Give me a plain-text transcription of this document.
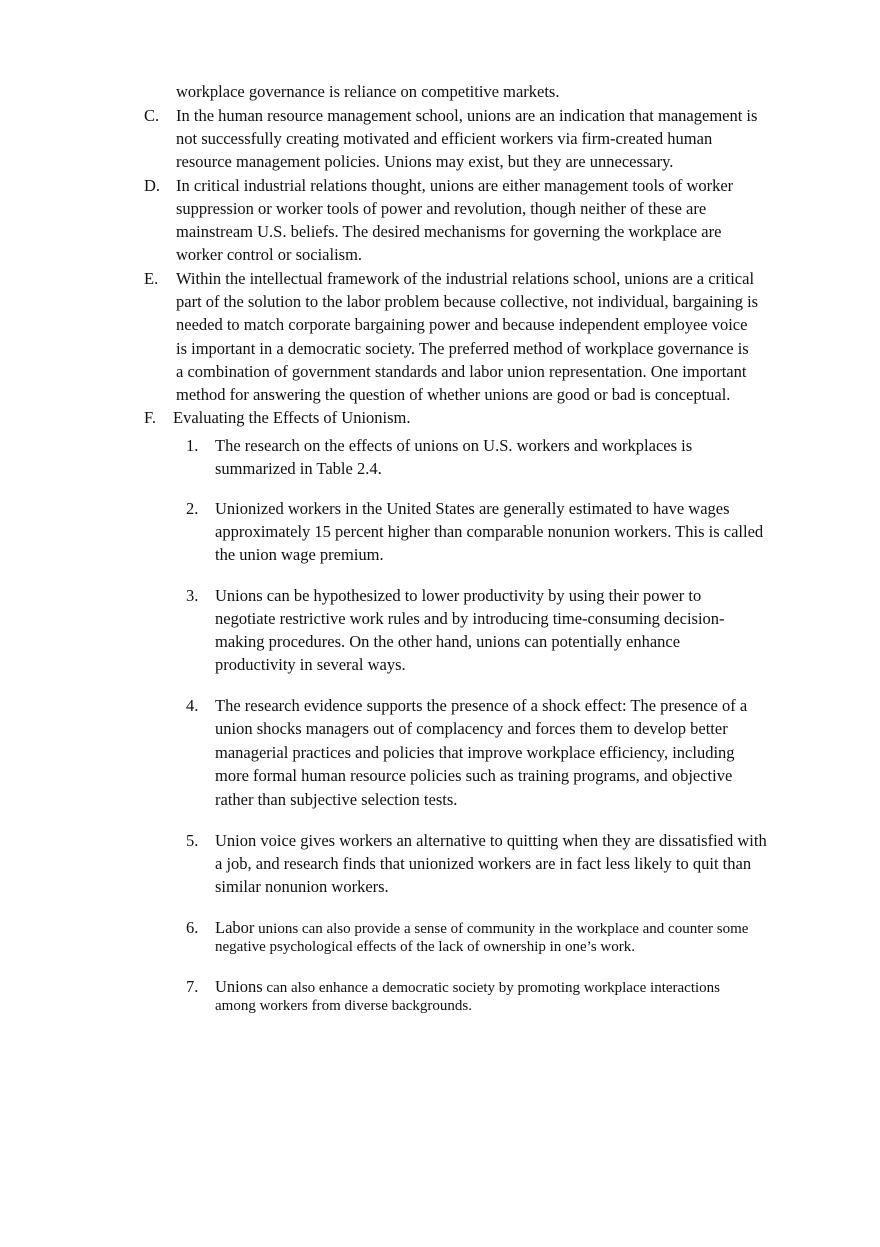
workplace governance is reliance on competitive markets.
C. In the human resource management school, unions are an indication that management is
not successfully creating motivated and efficient workers via firm-created human
resource management policies. Unions may exist, but they are unnecessary.
D. In critical industrial relations thought, unions are either management tools of worker
suppression or worker tools of power and revolution, though neither of these are
mainstream U.S. beliefs. The desired mechanisms for governing the workplace are
worker control or socialism.
E. Within the intellectual framework of the industrial relations school, unions are a critical
part of the solution to the labor problem because collective, not individual, bargaining is
needed to match corporate bargaining power and because independent employee voice
is important in a democratic society. The preferred method of workplace governance is
a combination of government standards and labor union representation. One important
method for answering the question of whether unions are good or bad is conceptual.
F. Evaluating the Effects of Unionism.
1. The research on the effects of unions on U.S. workers and workplaces is
summarized in Table 2.4.
2. Unionized workers in the United States are generally estimated to have wages
approximately 15 percent higher than comparable nonunion workers. This is called
the union wage premium.
3. Unions can be hypothesized to lower productivity by using their power to
negotiate restrictive work rules and by introducing time-consuming decision-
making procedures. On the other hand, unions can potentially enhance
productivity in several ways.
4. The research evidence supports the presence of a shock effect: The presence of a
union shocks managers out of complacency and forces them to develop better
managerial practices and policies that improve workplace efficiency, including
more formal human resource policies such as training programs, and objective
rather than subjective selection tests.
5. Union voice gives workers an alternative to quitting when they are dissatisfied with
a job, and research finds that unionized workers are in fact less likely to quit than
similar nonunion workers.
6. Labor unions can also provide a sense of community in the workplace and counter some
negative psychological effects of the lack of ownership in one’s work.
7. Unions can also enhance a democratic society by promoting workplace interactions
among workers from diverse backgrounds.
